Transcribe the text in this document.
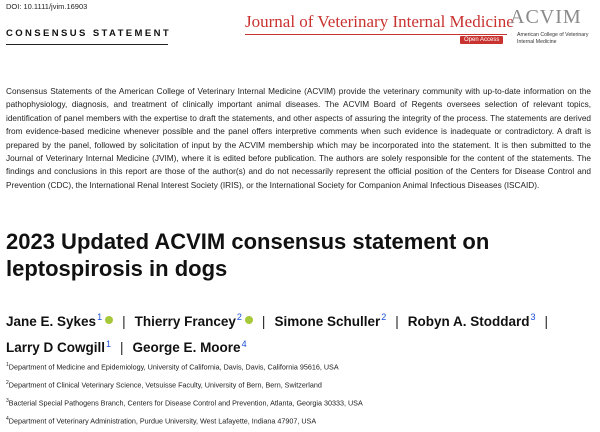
DOI: 10.1111/jvim.16903
CONSENSUS STATEMENT
Journal of Veterinary Internal Medicine
Open Access
ACVIM
American College of Veterinary Internal Medicine
Consensus Statements of the American College of Veterinary Internal Medicine (ACVIM) provide the veterinary community with up-to-date information on the pathophysiology, diagnosis, and treatment of clinically important animal diseases. The ACVIM Board of Regents oversees selection of relevant topics, identification of panel members with the expertise to draft the statements, and other aspects of assuring the integrity of the process. The statements are derived from evidence-based medicine whenever possible and the panel offers interpretive comments when such evidence is inadequate or contradictory. A draft is prepared by the panel, followed by solicitation of input by the ACVIM membership which may be incorporated into the statement. It is then submitted to the Journal of Veterinary Internal Medicine (JVIM), where it is edited before publication. The authors are solely responsible for the content of the statements. The findings and conclusions in this report are those of the author(s) and do not necessarily represent the official position of the Centers for Disease Control and Prevention (CDC), the International Renal Interest Society (IRIS), or the International Society for Companion Animal Infectious Diseases (ISCAID).
2023 Updated ACVIM consensus statement on leptospirosis in dogs
Jane E. Sykes$^1$ | Thierry Francey$^2$ | Simone Schuller$^2$ | Robyn A. Stoddard$^3$ |
Larry D Cowgill$^1$ | George E. Moore$^4$
$^1$Department of Medicine and Epidemiology, University of California, Davis, Davis, California 95616, USA
$^2$Department of Clinical Veterinary Science, Vetsuisse Faculty, University of Bern, Bern, Switzerland
$^3$Bacterial Special Pathogens Branch, Centers for Disease Control and Prevention, Atlanta, Georgia 30333, USA
$^4$Department of Veterinary Administration, Purdue University, West Lafayette, Indiana 47907, USA
